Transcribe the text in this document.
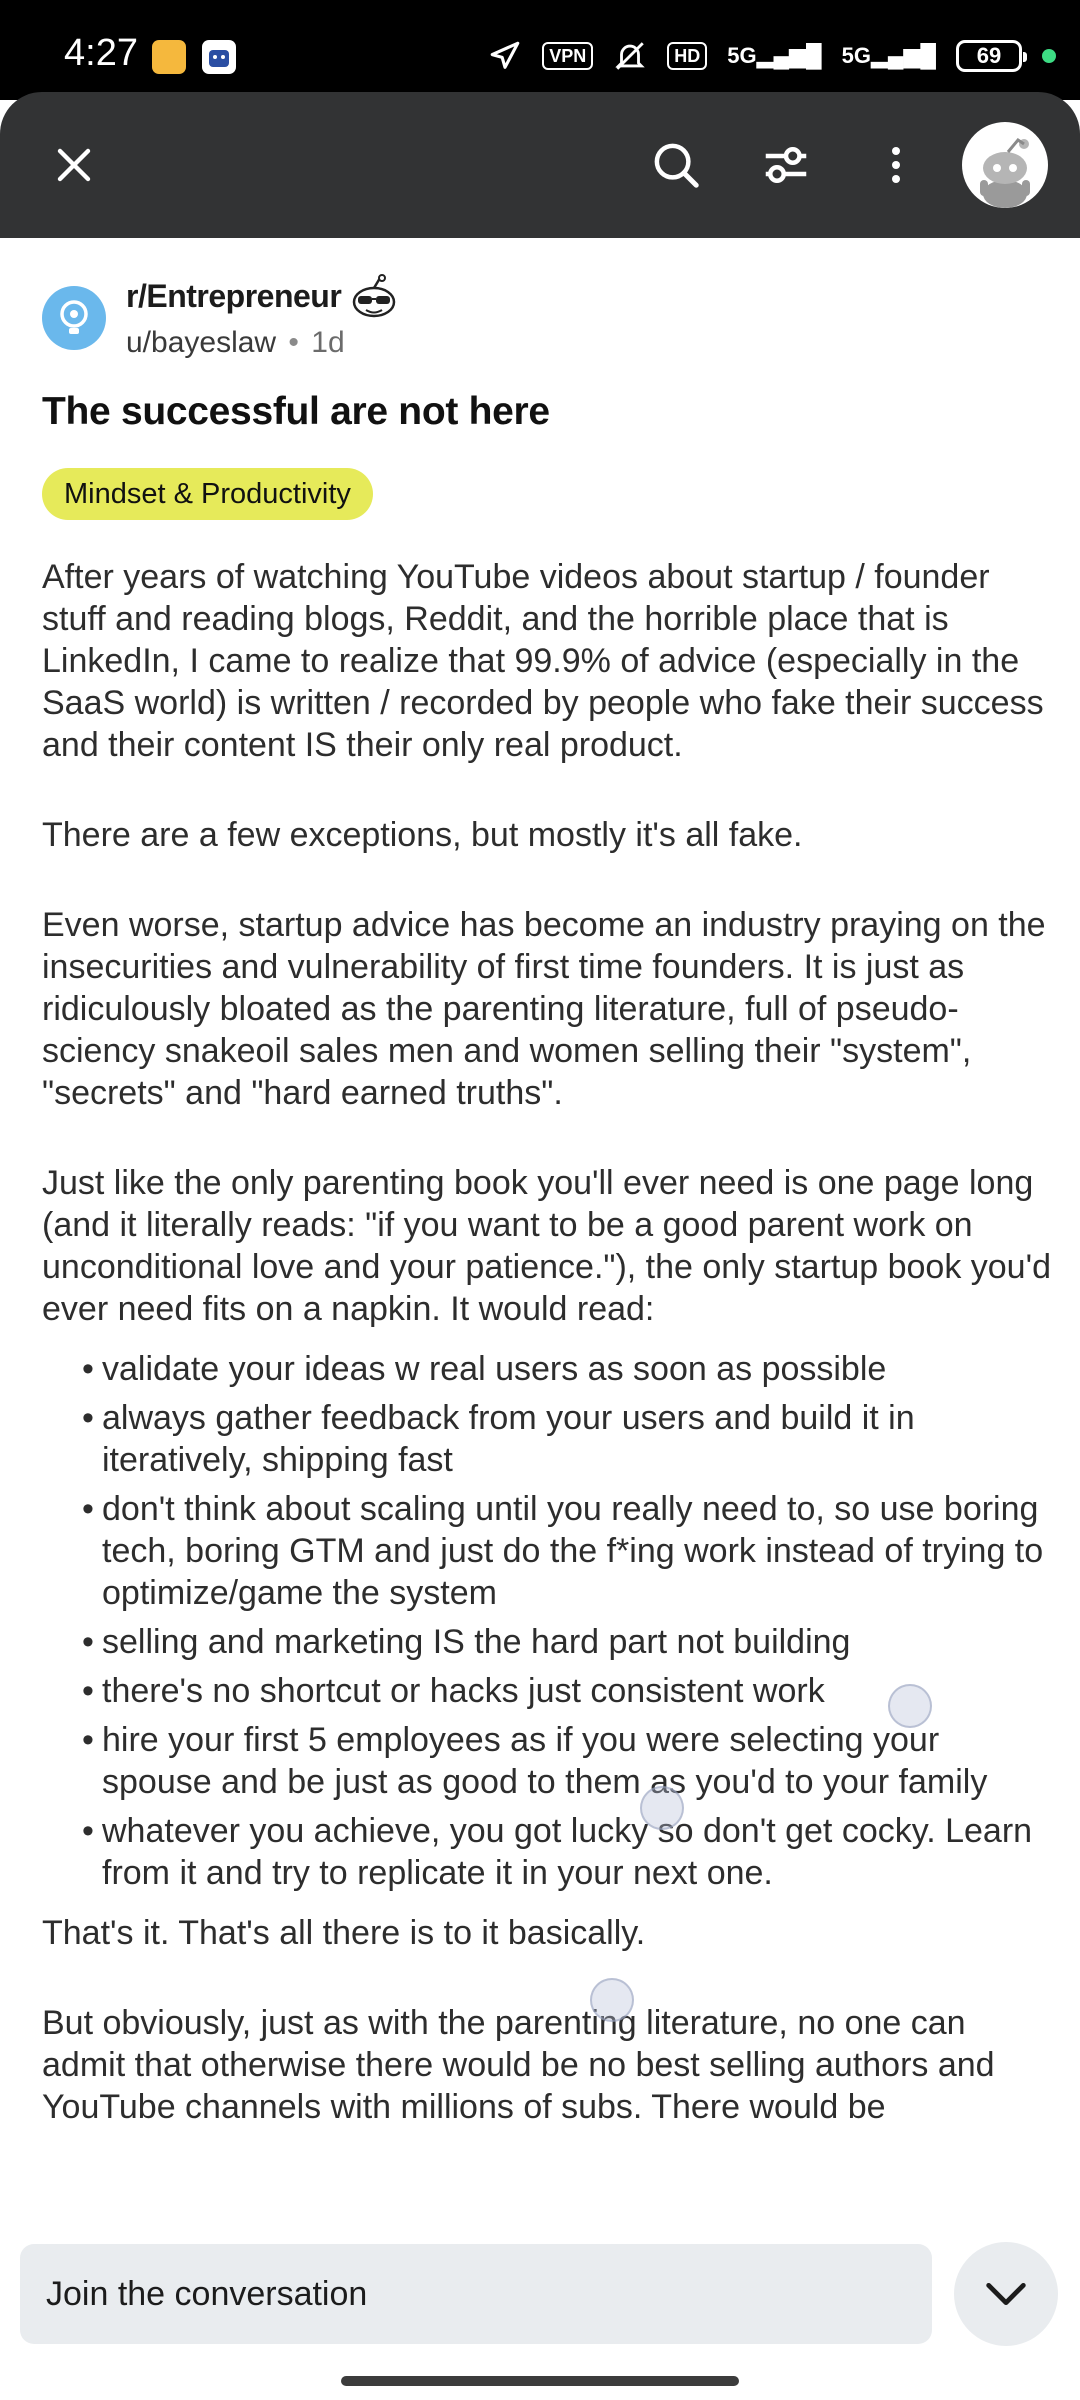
4:27	VPN	HD	5G▂▄▆█ 5G▂▄▆█	69
r/Entrepreneur
u/bayeslaw • 1d
The successful are not here
Mindset & Productivity

After years of watching YouTube videos about startup / founder stuff and reading blogs, Reddit, and the horrible place that is LinkedIn, I came to realize that 99.9% of advice (especially in the SaaS world) is written / recorded by people who fake their success and their content IS their only real product.

There are a few exceptions, but mostly it's all fake.

Even worse, startup advice has become an industry praying on the insecurities and vulnerability of first time founders. It is just as ridiculously bloated as the parenting literature, full of pseudo-sciency snakeoil sales men and women selling their "system", "secrets" and "hard earned truths".

Just like the only parenting book you'll ever need is one page long (and it literally reads: "if you want to be a good parent work on unconditional love and your patience."), the only startup book you'd ever need fits on a napkin. It would read:

• validate your ideas w real users as soon as possible
• always gather feedback from your users and build it in iteratively, shipping fast
• don't think about scaling until you really need to, so use boring tech, boring GTM and just do the f*ing work instead of trying to optimize/game the system
• selling and marketing IS the hard part not building
• there's no shortcut or hacks just consistent work
• hire your first 5 employees as if you were selecting your spouse and be just as good to them as you'd to your family
• whatever you achieve, you got lucky so don't get cocky. Learn from it and try to replicate it in your next one.

That's it. That's all there is to it basically.

But obviously, just as with the parenting literature, no one can admit that otherwise there would be no best selling authors and YouTube channels with millions of subs. There would be

Join the conversation
